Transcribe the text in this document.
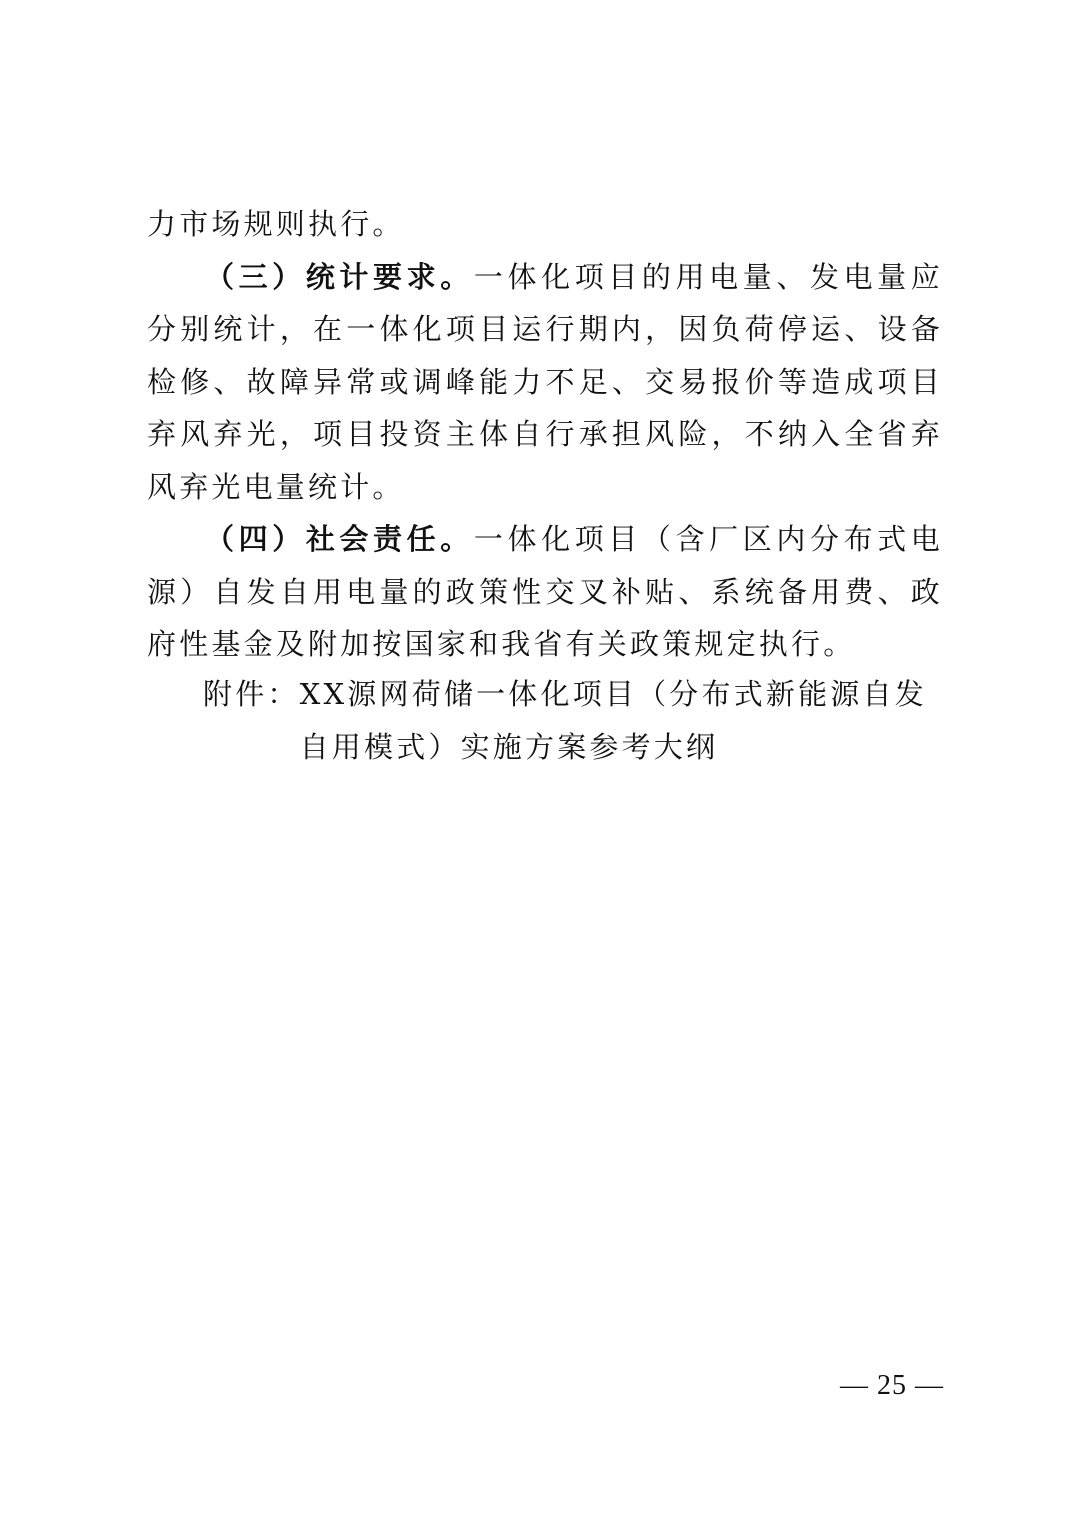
力市场规则执行。

（三）统计要求。一体化项目的用电量、发电量应分别统计，在一体化项目运行期内，因负荷停运、设备检修、故障异常或调峰能力不足、交易报价等造成项目弃风弃光，项目投资主体自行承担风险，不纳入全省弃风弃光电量统计。

（四）社会责任。一体化项目（含厂区内分布式电源）自发自用电量的政策性交叉补贴、系统备用费、政府性基金及附加按国家和我省有关政策规定执行。

附件： XX源网荷储一体化项目（分布式新能源自发自用模式）实施方案参考大纲
— 25 —
